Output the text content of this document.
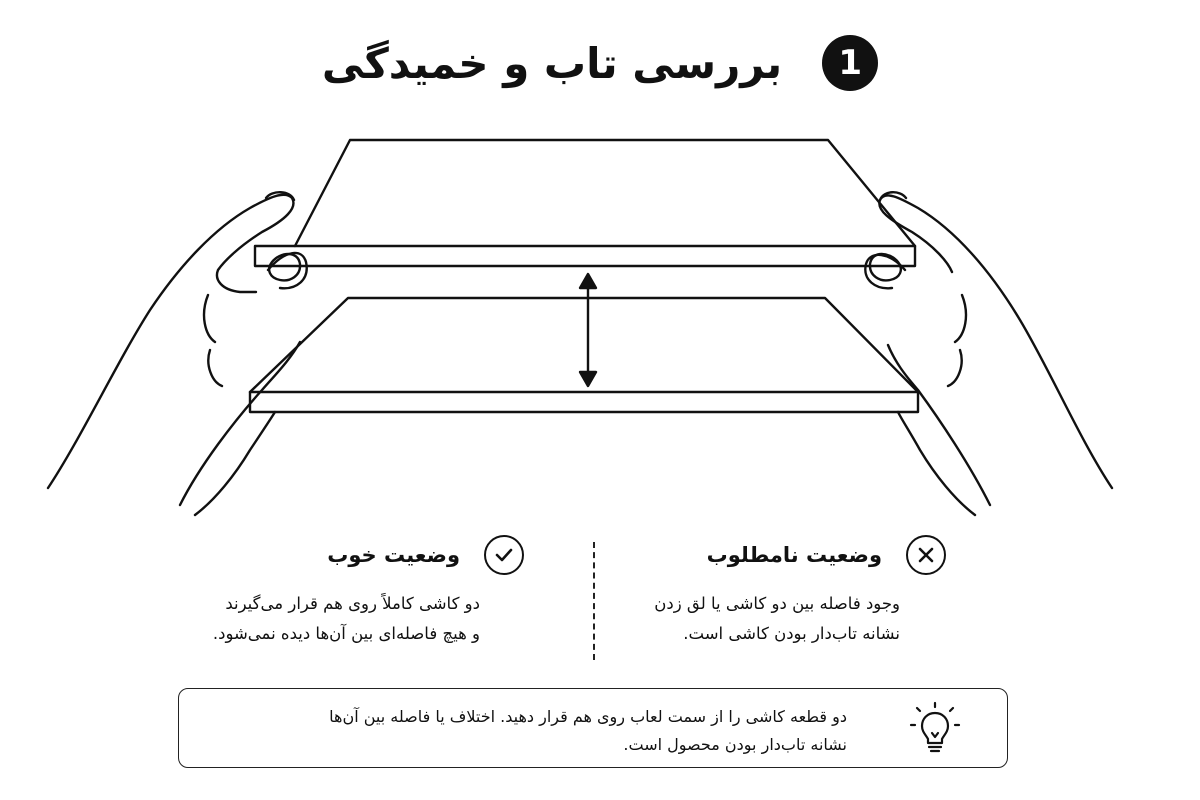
بررسی تاب و خمیدگی	1
وضعیت نامطلوب
وجود فاصله بین دو کاشی یا لق زدن
نشانه تاب‌دار بودن کاشی است.
وضعیت خوب
دو کاشی کاملاً روی هم قرار می‌گیرند
و هیچ فاصله‌ای بین آن‌ها دیده نمی‌شود.
دو قطعه کاشی را از سمت لعاب روی هم قرار دهید. اختلاف یا فاصله بین آن‌ها
نشانه تاب‌دار بودن محصول است.
